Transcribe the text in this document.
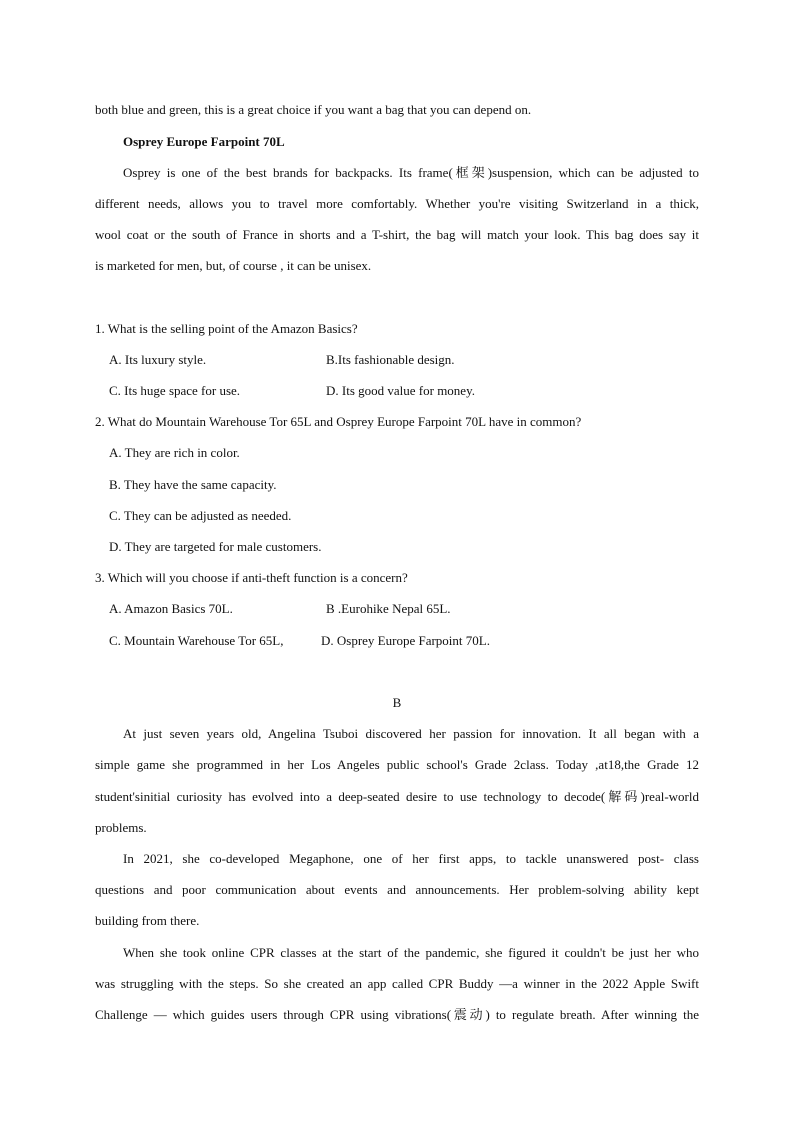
both blue and green, this is a great choice if you want a bag that you can depend on.
Osprey Europe Farpoint 70L
Osprey is one of the best brands for backpacks. Its frame(框架)suspension, which can be adjusted to
different needs, allows you to travel more comfortably. Whether you're visiting Switzerland in a thick,
wool coat or the south of France in shorts and a T-shirt, the bag will match your look. This bag does say it
is marketed for men, but, of course , it can be unisex.
1. What is the selling point of the Amazon Basics?
A. Its luxury style.	B.Its fashionable design.
C. Its huge space for use.	D. Its good value for money.
2. What do Mountain Warehouse Tor 65L and Osprey Europe Farpoint 70L have in common?
A. They are rich in color.
B. They have the same capacity.
C. They can be adjusted as needed.
D. They are targeted for male customers.
3. Which will you choose if anti-theft function is a concern?
A. Amazon Basics 70L.	B .Eurohike Nepal 65L.
C. Mountain Warehouse Tor 65L,	D. Osprey Europe Farpoint 70L.
B
At just seven years old, Angelina Tsuboi discovered her passion for innovation. It all began with a
simple game she programmed in her Los Angeles public school's Grade 2class. Today ,at18,the Grade 12
student'sinitial curiosity has evolved into a deep-seated desire to use technology to decode(解码)real-world
problems.
In 2021, she co-developed Megaphone, one of her first apps, to tackle unanswered post- class
questions and poor communication about events and announcements. Her problem-solving ability kept
building from there.
When she took online CPR classes at the start of the pandemic, she figured it couldn't be just her who
was struggling with the steps. So she created an app called CPR Buddy —a winner in the 2022 Apple Swift
Challenge — which guides users through CPR using vibrations(震动) to regulate breath. After winning the
